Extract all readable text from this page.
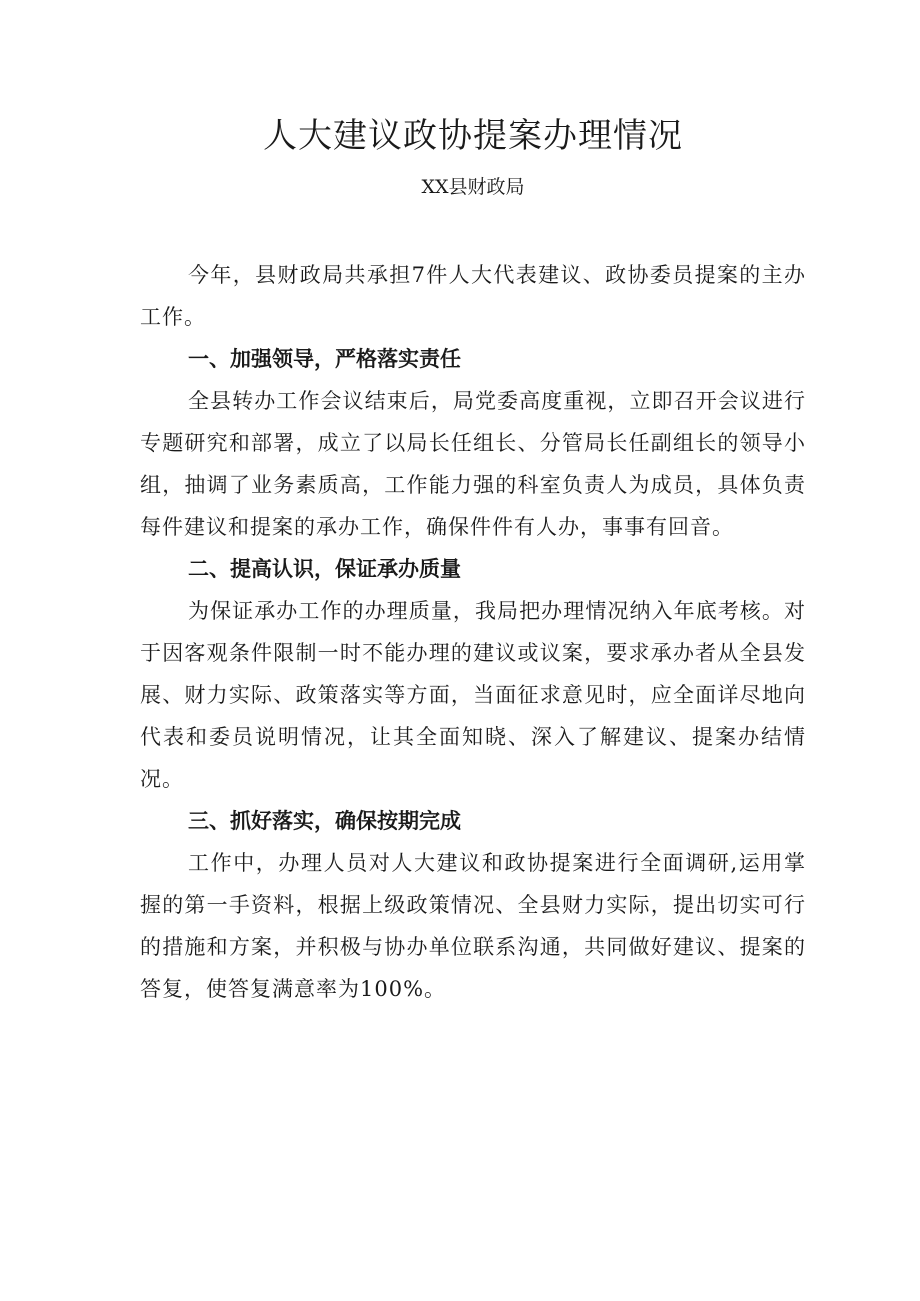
人大建议政协提案办理情况
XX县财政局

今年，县财政局共承担7件人大代表建议、政协委员提案的主办工作。

一、加强领导，严格落实责任

全县转办工作会议结束后，局党委高度重视，立即召开会议进行专题研究和部署，成立了以局长任组长、分管局长任副组长的领导小组，抽调了业务素质高，工作能力强的科室负责人为成员，具体负责每件建议和提案的承办工作，确保件件有人办，事事有回音。

二、提高认识，保证承办质量

为保证承办工作的办理质量，我局把办理情况纳入年底考核。对于因客观条件限制一时不能办理的建议或议案，要求承办者从全县发展、财力实际、政策落实等方面，当面征求意见时，应全面详尽地向代表和委员说明情况，让其全面知晓、深入了解建议、提案办结情况。

三、抓好落实，确保按期完成

工作中，办理人员对人大建议和政协提案进行全面调研,运用掌握的第一手资料，根据上级政策情况、全县财力实际，提出切实可行的措施和方案，并积极与协办单位联系沟通，共同做好建议、提案的答复，使答复满意率为100%。
